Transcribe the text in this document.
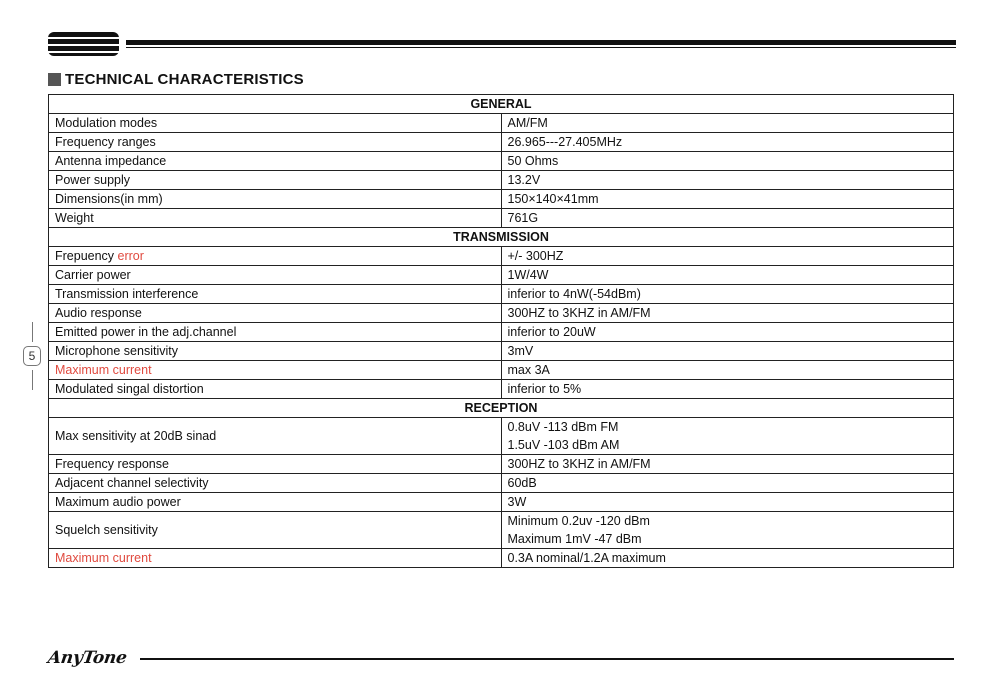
TECHNICAL CHARACTERISTICS
GENERAL	
Modulation modes	AM/FM

Frequency ranges	26.965---27.405MHz

Antenna impedance	50 Ohms

Power supply	13.2V

Dimensions(in mm)	150×140×41mm

Weight	761G

TRANSMISSION	
Frepuency error	+/- 300HZ

Carrier power	1W/4W

Transmission interference	inferior to 4nW(-54dBm)

Audio response	300HZ to 3KHZ in AM/FM

Emitted power in the adj.channel	inferior to 20uW

Microphone sensitivity	3mV

Maximum current	max 3A

Modulated singal distortion	inferior to 5%

RECEPTION	
Max sensitivity at 20dB sinad	0.8uV -113 dBm FM
1.5uV -103 dBm AM

Frequency response	300HZ to 3KHZ in AM/FM

Adjacent channel selectivity	60dB

Maximum audio power	3W

Squelch sensitivity	Minimum 0.2uv -120 dBm
Maximum 1mV -47 dBm

Maximum current	0.3A nominal/1.2A maximum
5
AnyTone
